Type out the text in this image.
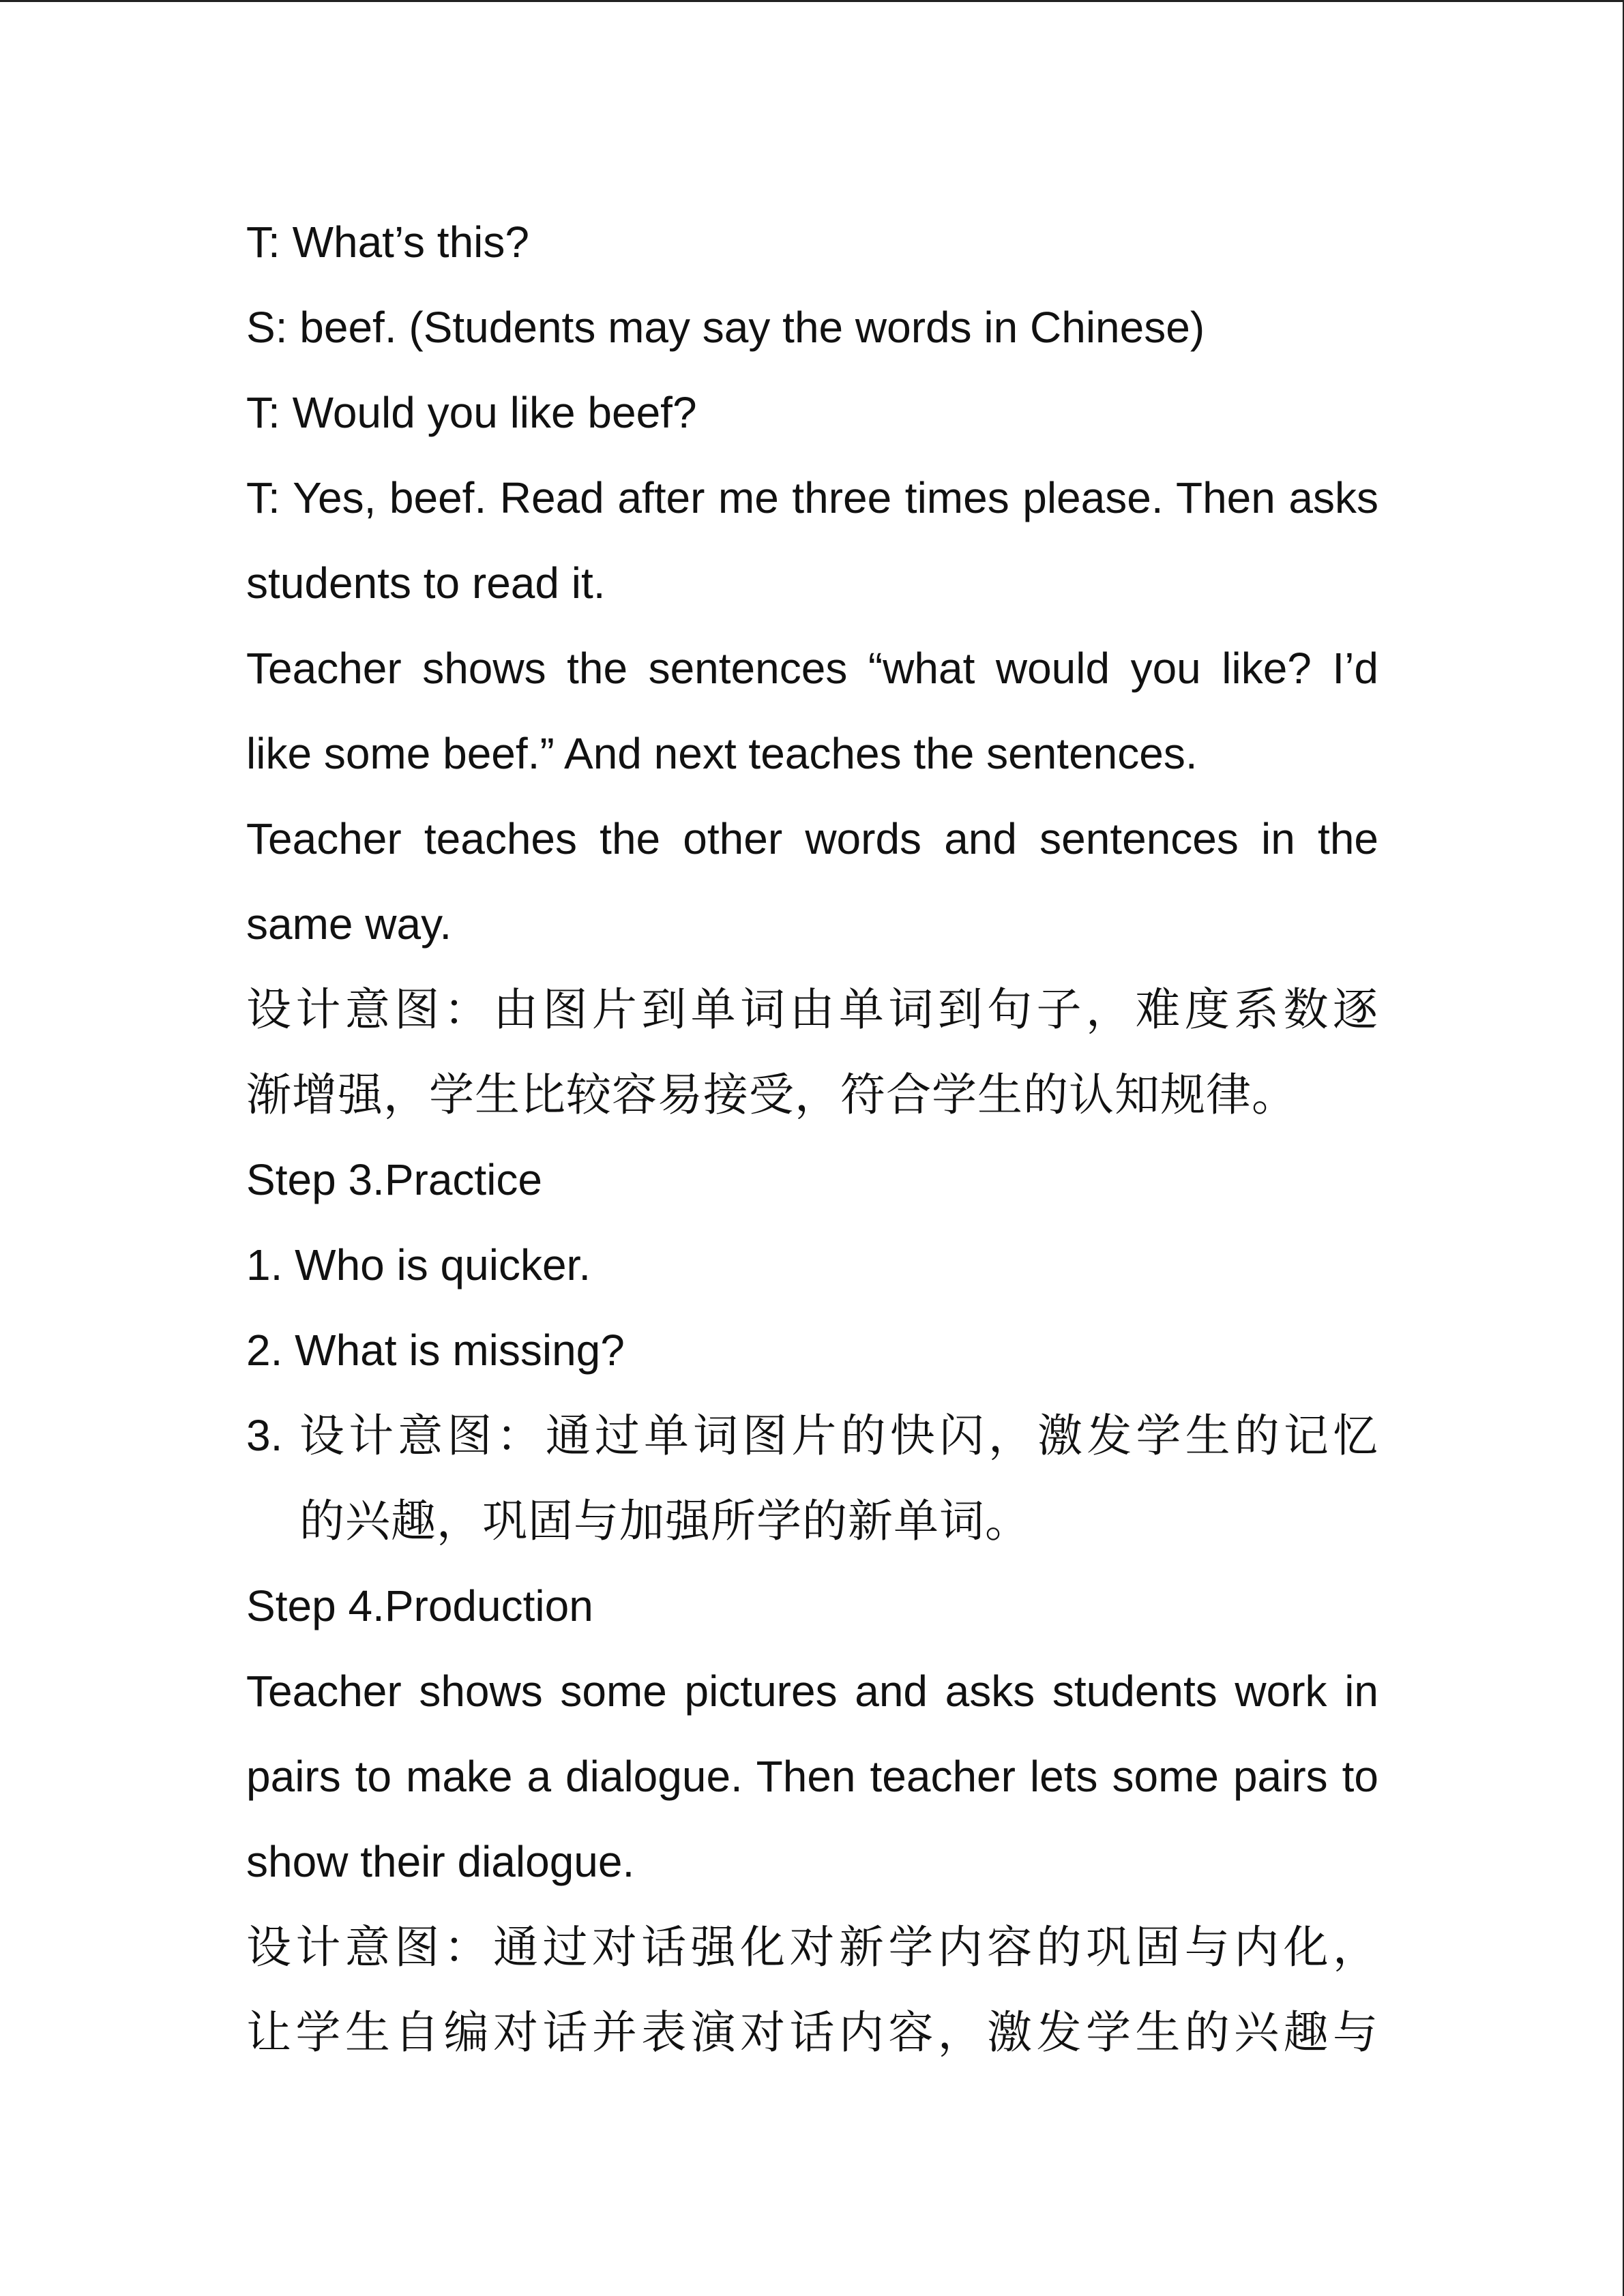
T: What’s this?

S: beef. (Students may say the words in Chinese)

T: Would you like beef?

T: Yes, beef. Read after me three times please. Then asks

students to read it.

Teacher shows the sentences “what would you like? I’d

like some beef.” And next teaches the sentences.

Teacher teaches the other words and sentences in the

same way.

设计意图：由图片到单词由单词到句子，难度系数逐

渐增强，学生比较容易接受，符合学生的认知规律。

Step 3.Practice

1. Who is quicker.

2. What is missing?

3. 设计意图：通过单词图片的快闪，激发学生的记忆

的兴趣，巩固与加强所学的新单词。

Step 4.Production

Teacher shows some pictures and asks students work in

pairs to make a dialogue. Then teacher lets some pairs to

show their dialogue.

设计意图：通过对话强化对新学内容的巩固与内化，

让学生自编对话并表演对话内容，激发学生的兴趣与
